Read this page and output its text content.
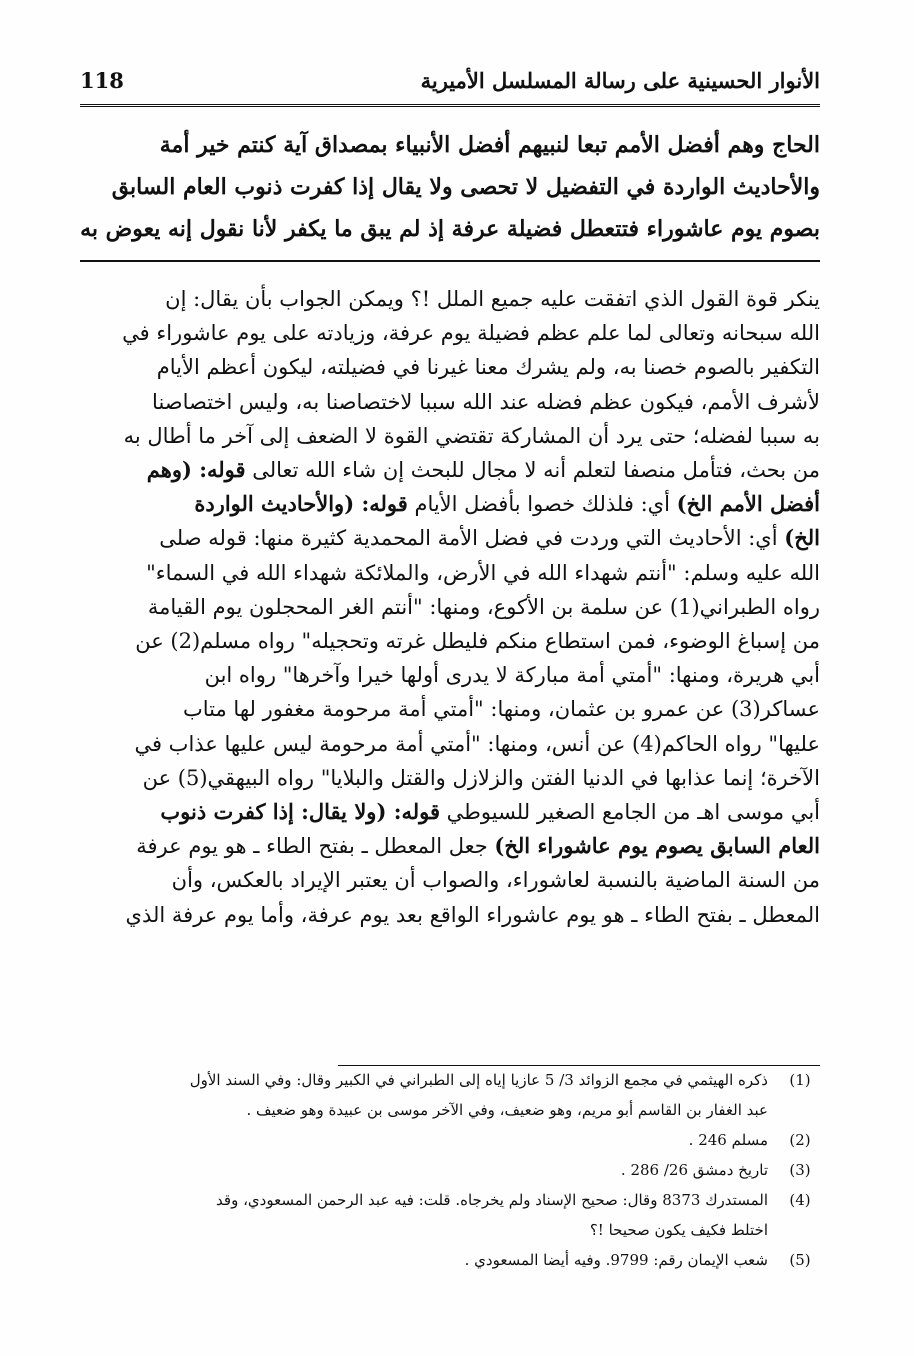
الأنوار الحسينية على رسالة المسلسل الأميرية
118
الحاج وهم أفضل الأمم تبعا لنبيهم أفضل الأنبياء بمصداق آية كنتم خير أمة
والأحاديث الواردة في التفضيل لا تحصى ولا يقال إذا كفرت ذنوب العام السابق
بصوم يوم عاشوراء فتتعطل فضيلة عرفة إذ لم يبق ما يكفر لأنا نقول إنه يعوض به
ينكر قوة القول الذي اتفقت عليه جميع الملل !؟ ويمكن الجواب بأن يقال: إن
الله سبحانه وتعالى لما علم عظم فضيلة يوم عرفة، وزيادته على يوم عاشوراء في
التكفير بالصوم خصنا به، ولم يشرك معنا غيرنا في فضيلته، ليكون أعظم الأيام
لأشرف الأمم، فيكون عظم فضله عند الله سببا لاختصاصنا به، وليس اختصاصنا
به سببا لفضله؛ حتى يرد أن المشاركة تقتضي القوة لا الضعف إلى آخر ما أطال به
من بحث، فتأمل منصفا لتعلم أنه لا مجال للبحث إن شاء الله تعالى قوله: (وهم
أفضل الأمم الخ) أي: فلذلك خصوا بأفضل الأيام قوله: (والأحاديث الواردة
الخ) أي: الأحاديث التي وردت في فضل الأمة المحمدية كثيرة منها: قوله صلى
الله عليه وسلم: "أنتم شهداء الله في الأرض، والملائكة شهداء الله في السماء"
رواه الطبراني(1) عن سلمة بن الأكوع، ومنها: "أنتم الغر المحجلون يوم القيامة
من إسباغ الوضوء، فمن استطاع منكم فليطل غرته وتحجيله" رواه مسلم(2) عن
أبي هريرة، ومنها: "أمتي أمة مباركة لا يدرى أولها خيرا وآخرها" رواه ابن
عساكر(3) عن عمرو بن عثمان، ومنها: "أمتي أمة مرحومة مغفور لها متاب
عليها" رواه الحاكم(4) عن أنس، ومنها: "أمتي أمة مرحومة ليس عليها عذاب في
الآخرة؛ إنما عذابها في الدنيا الفتن والزلازل والقتل والبلايا" رواه البيهقي(5) عن
أبي موسى اهـ من الجامع الصغير للسيوطي قوله: (ولا يقال: إذا كفرت ذنوب
العام السابق يصوم يوم عاشوراء الخ) جعل المعطل ـ بفتح الطاء ـ هو يوم عرفة
من السنة الماضية بالنسبة لعاشوراء، والصواب أن يعتبر الإيراد بالعكس، وأن
المعطل ـ بفتح الطاء ـ هو يوم عاشوراء الواقع بعد يوم عرفة، وأما يوم عرفة الذي
(1)
ذكره الهيثمي في مجمع الزوائد 3/ 5 عازيا إياه إلى الطبراني في الكبير وقال: وفي السند الأول
عبد الغفار بن القاسم أبو مريم، وهو ضعيف، وفي الآخر موسى بن عبيدة وهو ضعيف .
(2)
مسلم 246 .
(3)
تاريخ دمشق 26/ 286 .
(4)
المستدرك 8373 وقال: صحيح الإسناد ولم يخرجاه. قلت: فيه عبد الرحمن المسعودي، وقد
اختلط فكيف يكون صحيحا !؟
(5)
شعب الإيمان رقم: 9799. وفيه أيضا المسعودي .
